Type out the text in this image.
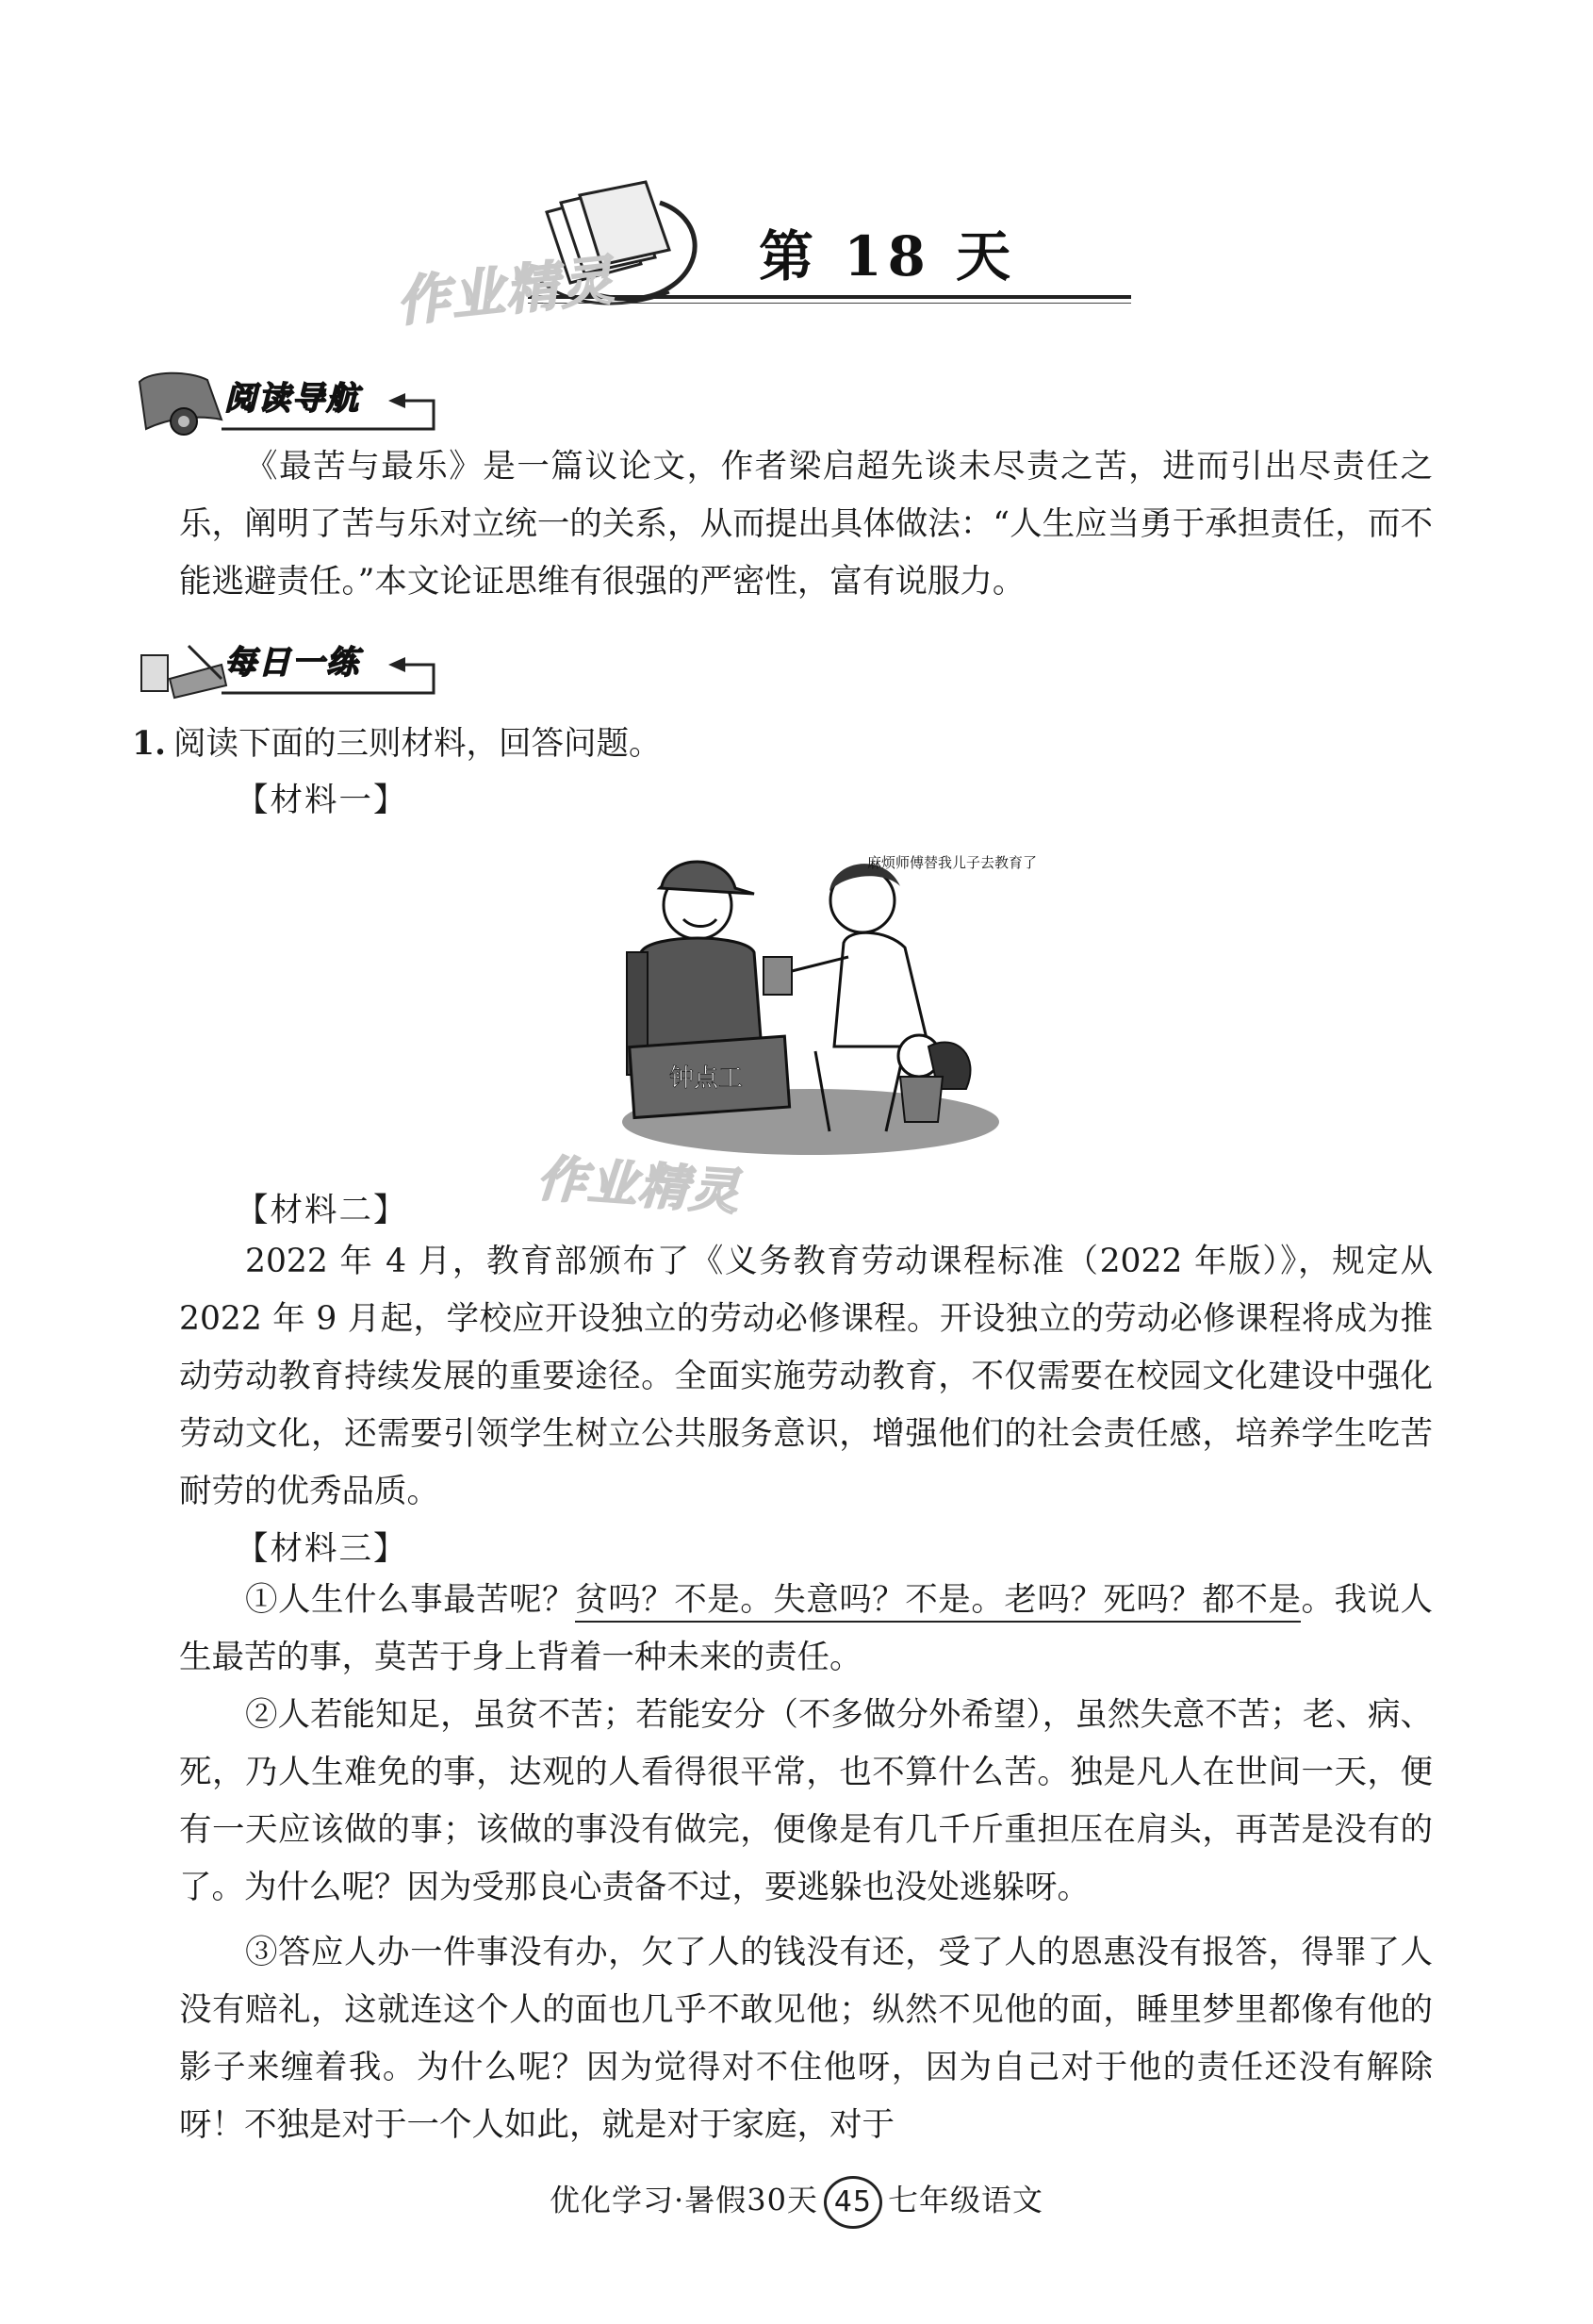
第 18 天
作业精灵
阅读导航

《最苦与最乐》是一篇议论文，作者梁启超先谈未尽责之苦，进而引出尽责任之乐，阐明了苦与乐对立统一的关系，从而提出具体做法：“人生应当勇于承担责任，而不能逃避责任。”本文论证思维有很强的严密性，富有说服力。

每日一练
1. 阅读下面的三则材料，回答问题。
【材料一】
钟点工
麻烦师傅替我儿子去教育了
作业精灵
【材料二】

2022 年 4 月，教育部颁布了《义务教育劳动课程标准（2022 年版）》，规定从 2022 年 9 月起，学校应开设独立的劳动必修课程。开设独立的劳动必修课程将成为推动劳动教育持续发展的重要途径。全面实施劳动教育，不仅需要在校园文化建设中强化劳动文化，还需要引领学生树立公共服务意识，增强他们的社会责任感，培养学生吃苦耐劳的优秀品质。

【材料三】

①人生什么事最苦呢？贫吗？不是。失意吗？不是。老吗？死吗？都不是。我说人生最苦的事，莫苦于身上背着一种未来的责任。

②人若能知足，虽贫不苦；若能安分（不多做分外希望），虽然失意不苦；老、病、死，乃人生难免的事，达观的人看得很平常，也不算什么苦。独是凡人在世间一天，便有一天应该做的事；该做的事没有做完，便像是有几千斤重担压在肩头，再苦是没有的了。为什么呢？因为受那良心责备不过，要逃躲也没处逃躲呀。

③答应人办一件事没有办，欠了人的钱没有还，受了人的恩惠没有报答，得罪了人没有赔礼，这就连这个人的面也几乎不敢见他；纵然不见他的面，睡里梦里都像有他的影子来缠着我。为什么呢？因为觉得对不住他呀，因为自己对于他的责任还没有解除呀！不独是对于一个人如此，就是对于家庭，对于

优化学习·暑假30天 45 七年级语文
